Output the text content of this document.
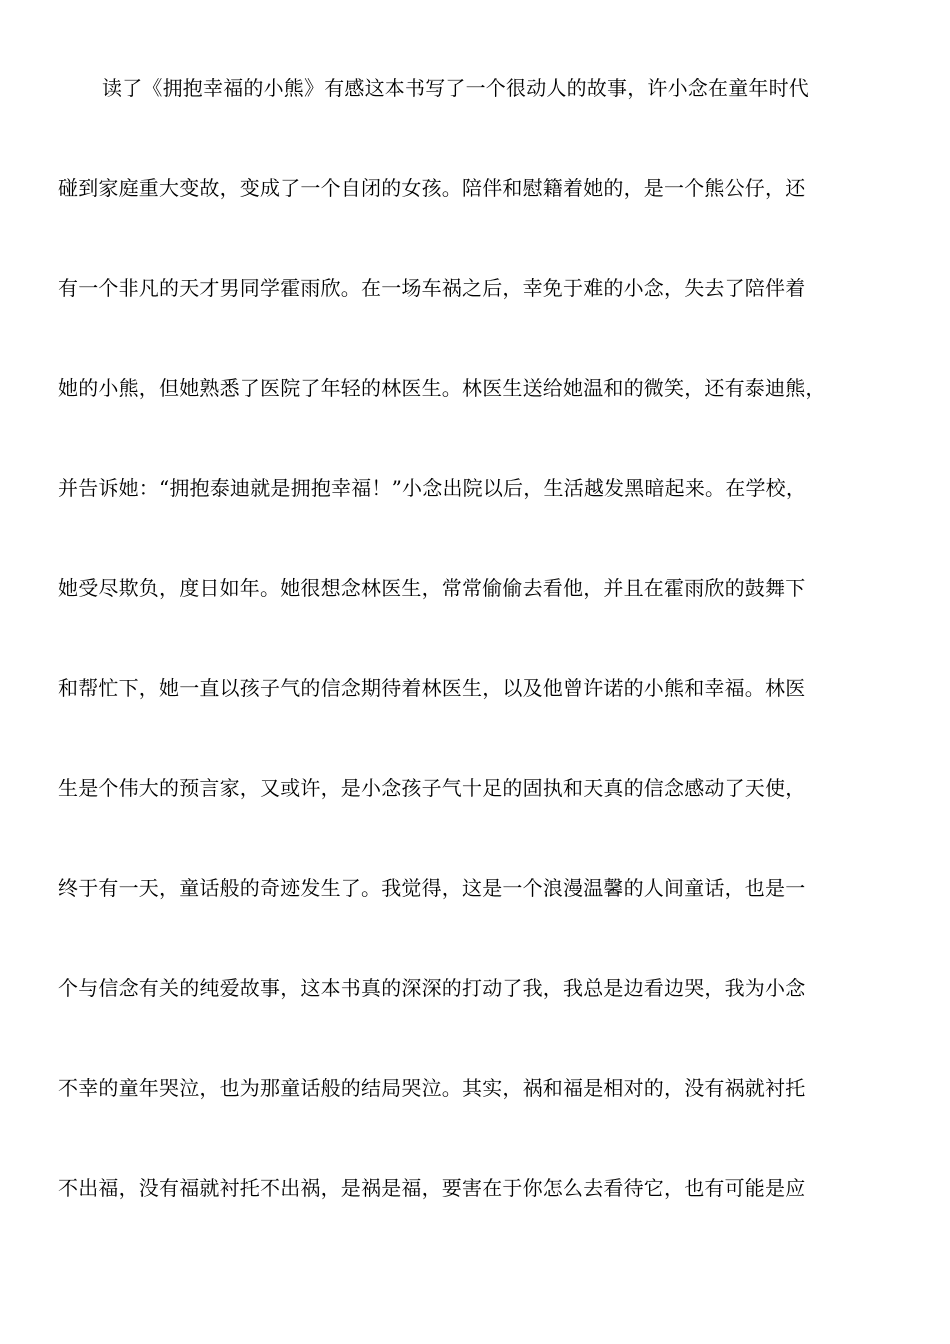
读了《拥抱幸福的小熊》有感这本书写了一个很动人的故事，许小念在童年时代
碰到家庭重大变故，变成了一个自闭的女孩。陪伴和慰籍着她的，是一个熊公仔，还
有一个非凡的天才男同学霍雨欣。在一场车祸之后，幸免于难的小念，失去了陪伴着
她的小熊，但她熟悉了医院了年轻的林医生。林医生送给她温和的微笑，还有泰迪熊，
并告诉她：“拥抱泰迪就是拥抱幸福！”小念出院以后，生活越发黑暗起来。在学校，
她受尽欺负，度日如年。她很想念林医生，常常偷偷去看他，并且在霍雨欣的鼓舞下
和帮忙下，她一直以孩子气的信念期待着林医生，以及他曾许诺的小熊和幸福。林医
生是个伟大的预言家，又或许，是小念孩子气十足的固执和天真的信念感动了天使，
终于有一天，童话般的奇迹发生了。我觉得，这是一个浪漫温馨的人间童话，也是一
个与信念有关的纯爱故事，这本书真的深深的打动了我，我总是边看边哭，我为小念
不幸的童年哭泣，也为那童话般的结局哭泣。其实，祸和福是相对的，没有祸就衬托
不出福，没有福就衬托不出祸，是祸是福，要害在于你怎么去看待它，也有可能是应
